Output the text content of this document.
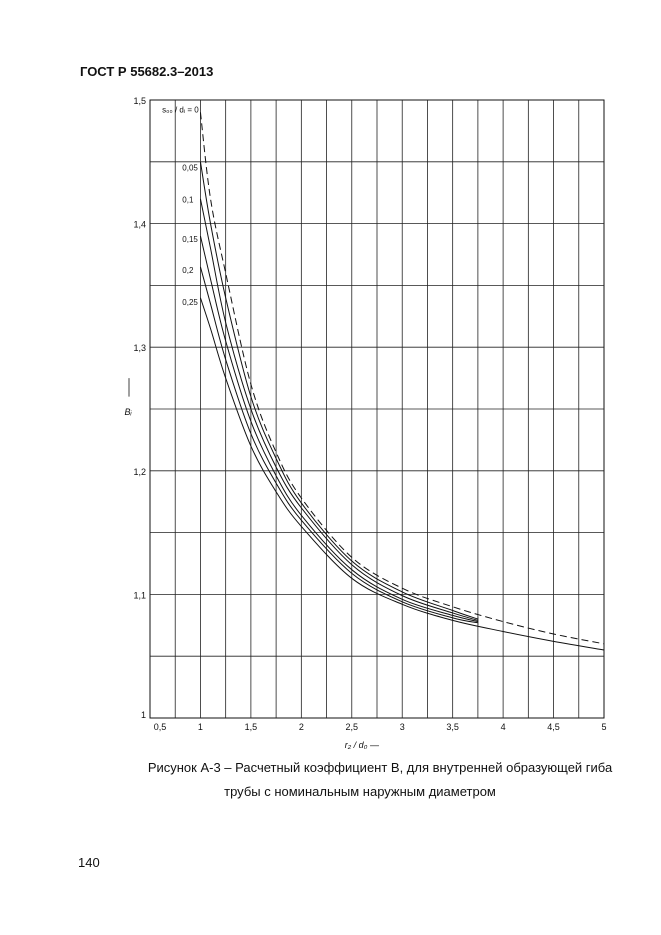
ГОСТ Р 55682.3–2013
0,5	1	1,5	2	2,5	3	3,5	4	4,5	5
1
1,1
1,2
1,3
1,4
1,5
r₂ / d₀ —
Bᵢ
s₀₀ / dᵢ = 0
0,05
0,1
0,15
0,2
0,25
Рисунок А-3 – Расчетный коэффициент B, для внутренней образующей гиба
трубы с номинальным наружным диаметром
140
